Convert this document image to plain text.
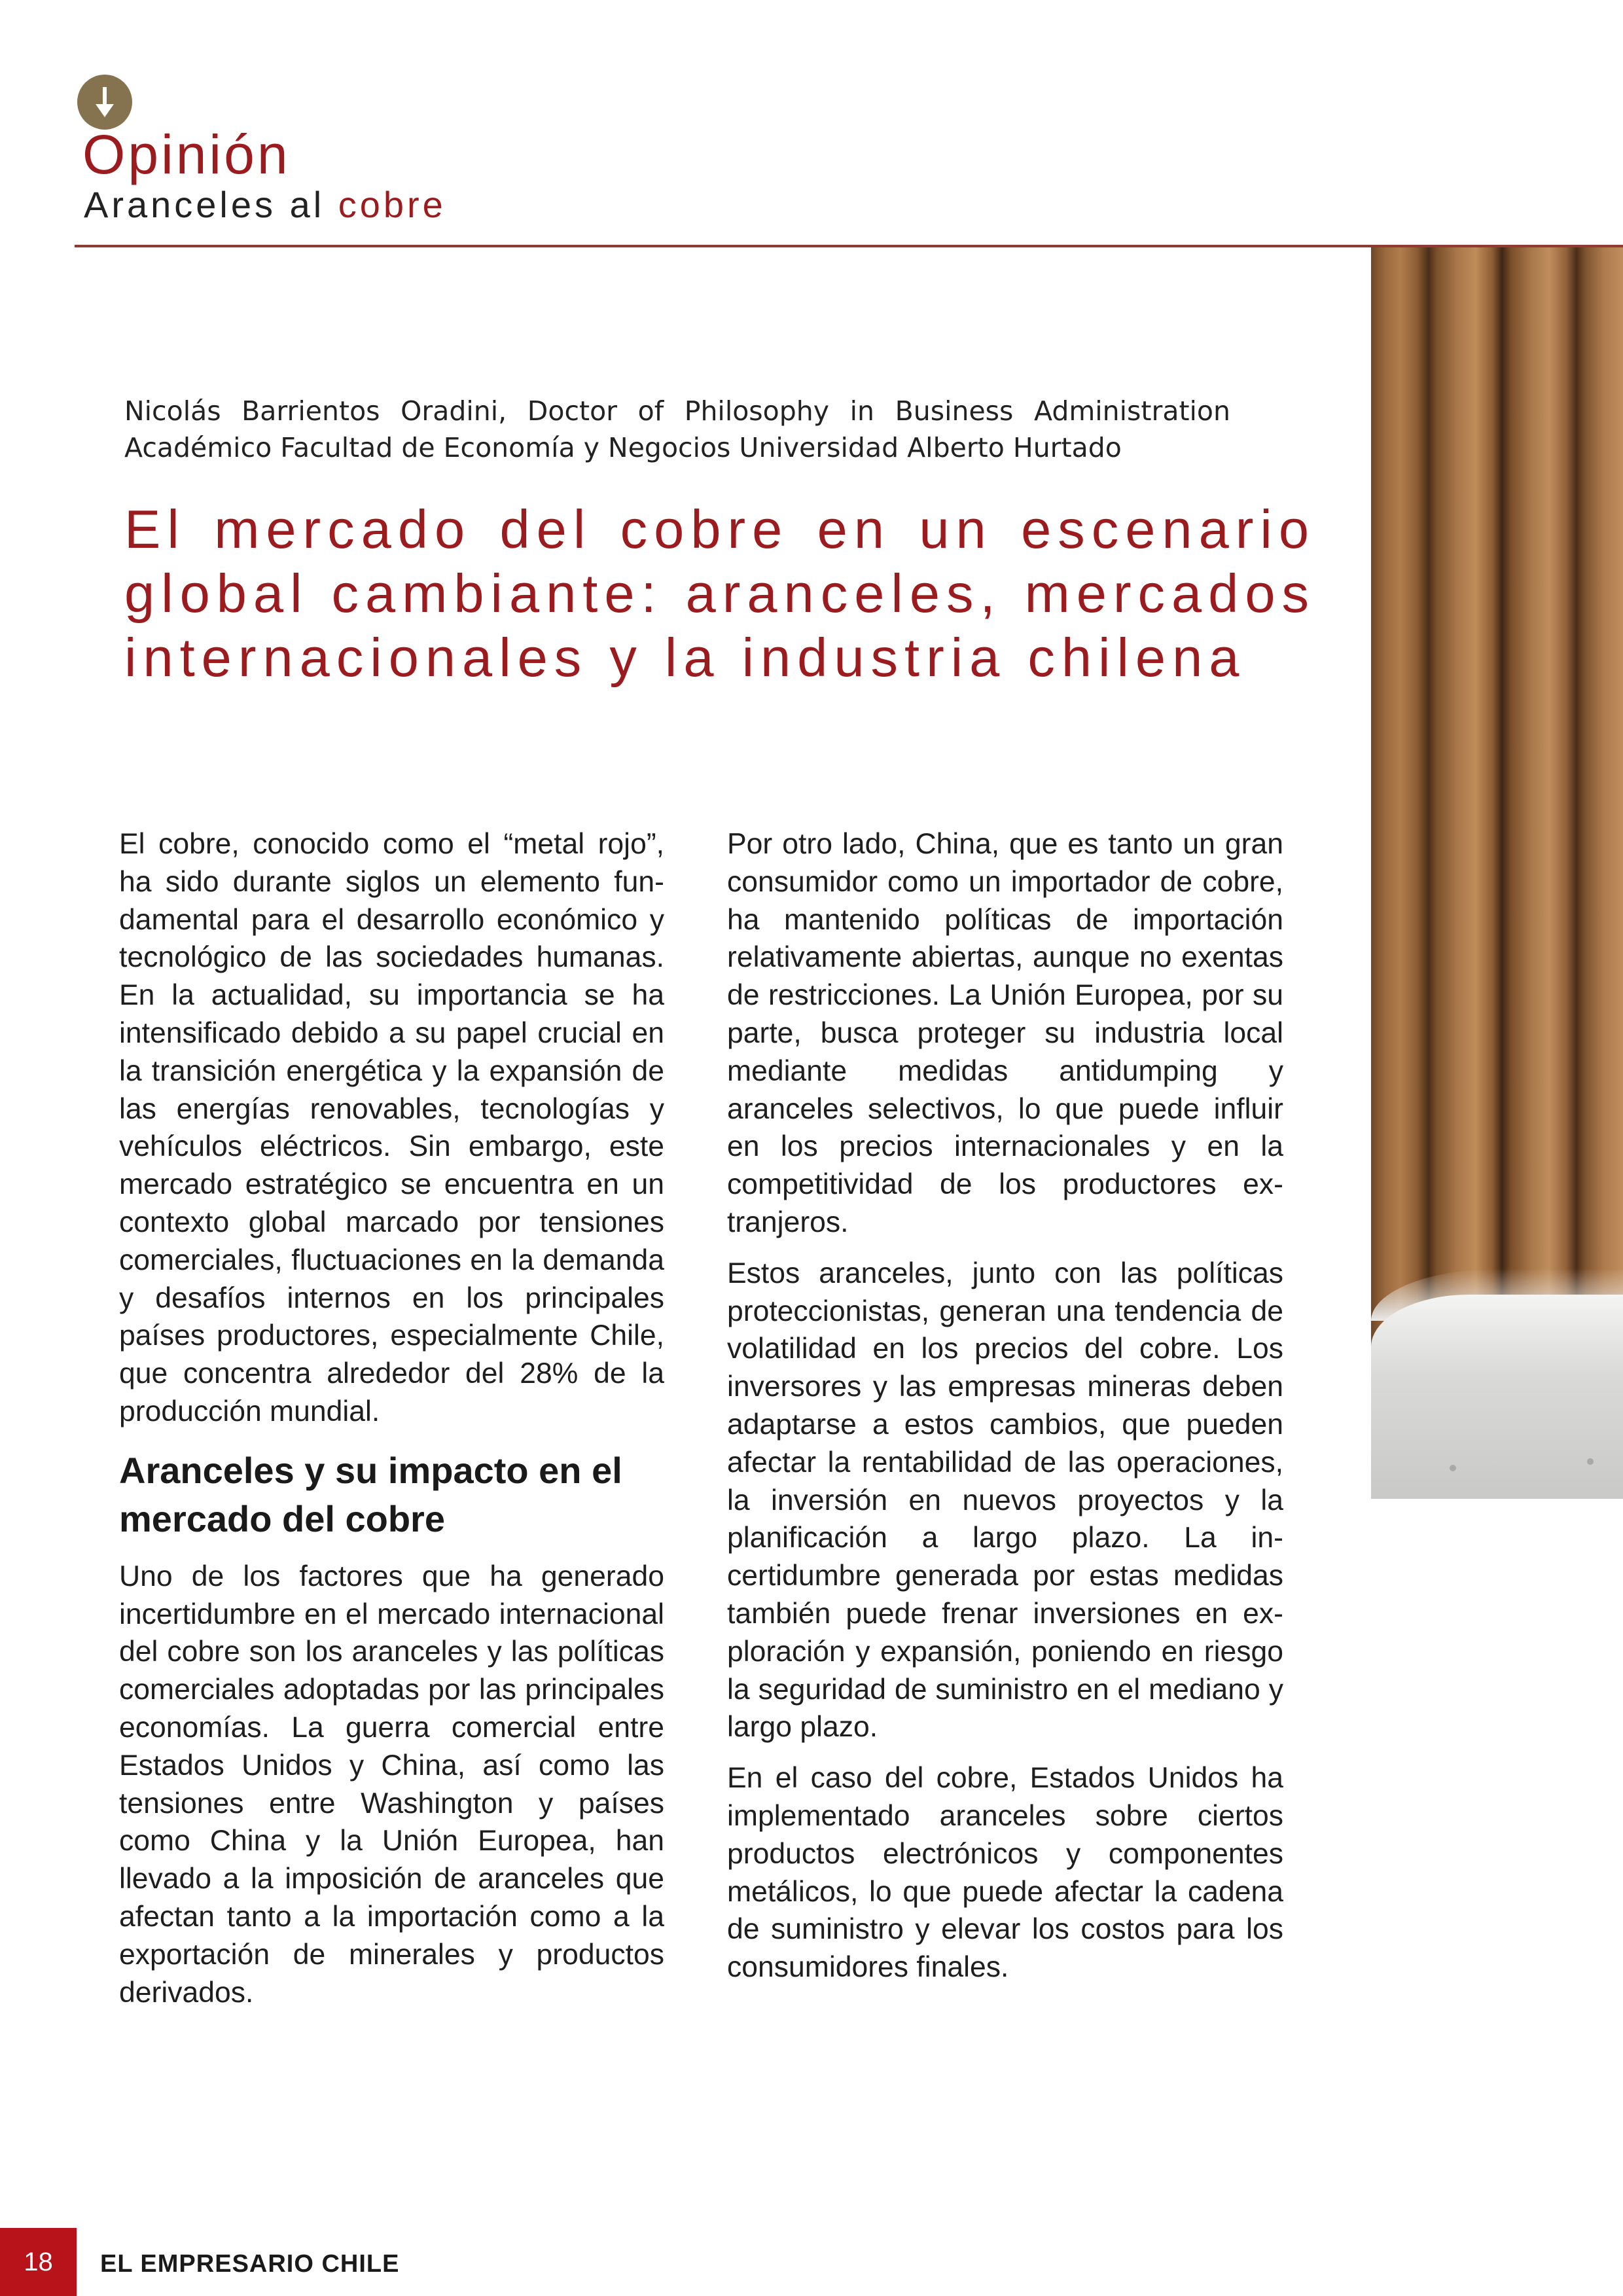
Opinión
Aranceles al cobre
Nicolás Barrientos Oradini, Doctor of Philosophy in Business Administration
Académico Facultad de Economía y Negocios Universidad Alberto Hurtado
El mercado del cobre en un escenario
global cambiante: aranceles, mercados
internacionales y la industria chilena

El cobre, conocido como el “metal rojo”, ha sido durante siglos un elemento fundamental para el desarrollo económico y tecnológico de las sociedades humanas. En la actualidad, su importancia se ha intensificado debido a su papel crucial en la transición energética y la expansión de las energías renovables, tecnologías y vehículos eléctricos. Sin embargo, este mercado estratégico se encuentra en un contexto global marcado por tensiones comerciales, fluctuaciones en la demanda y desafíos internos en los principales países productores, especialmente Chile, que concentra alrededor del 28% de la producción mundial.

Aranceles y su impacto en el mercado del cobre

Uno de los factores que ha generado incertidumbre en el mercado internacional del cobre son los aranceles y las políticas comerciales adoptadas por las principales economías. La guerra comercial entre Estados Unidos y China, así como las tensiones entre Washington y países como China y la Unión Europea, han llevado a la imposición de aranceles que afectan tanto a la importación como a la exportación de minerales y productos derivados.

Por otro lado, China, que es tanto un gran consumidor como un importador de cobre, ha mantenido políticas de importación relativamente abiertas, aunque no exentas de restricciones. La Unión Europea, por su parte, busca proteger su industria local mediante medidas antidumping y aranceles selectivos, lo que puede influir en los precios internacionales y en la competitividad de los productores extranjeros.

Estos aranceles, junto con las políticas proteccionistas, generan una tendencia de volatilidad en los precios del cobre. Los inversores y las empresas mineras deben adaptarse a estos cambios, que pueden afectar la rentabilidad de las operaciones, la inversión en nuevos proyectos y la planificación a largo plazo. La incertidumbre generada por estas medidas también puede frenar inversiones en exploración y expansión, poniendo en riesgo la seguridad de suministro en el mediano y largo plazo.

En el caso del cobre, Estados Unidos ha implementado aranceles sobre ciertos productos electrónicos y componentes metálicos, lo que puede afectar la cadena de suministro y elevar los costos para los consumidores finales.

18 EL EMPRESARIO CHILE
